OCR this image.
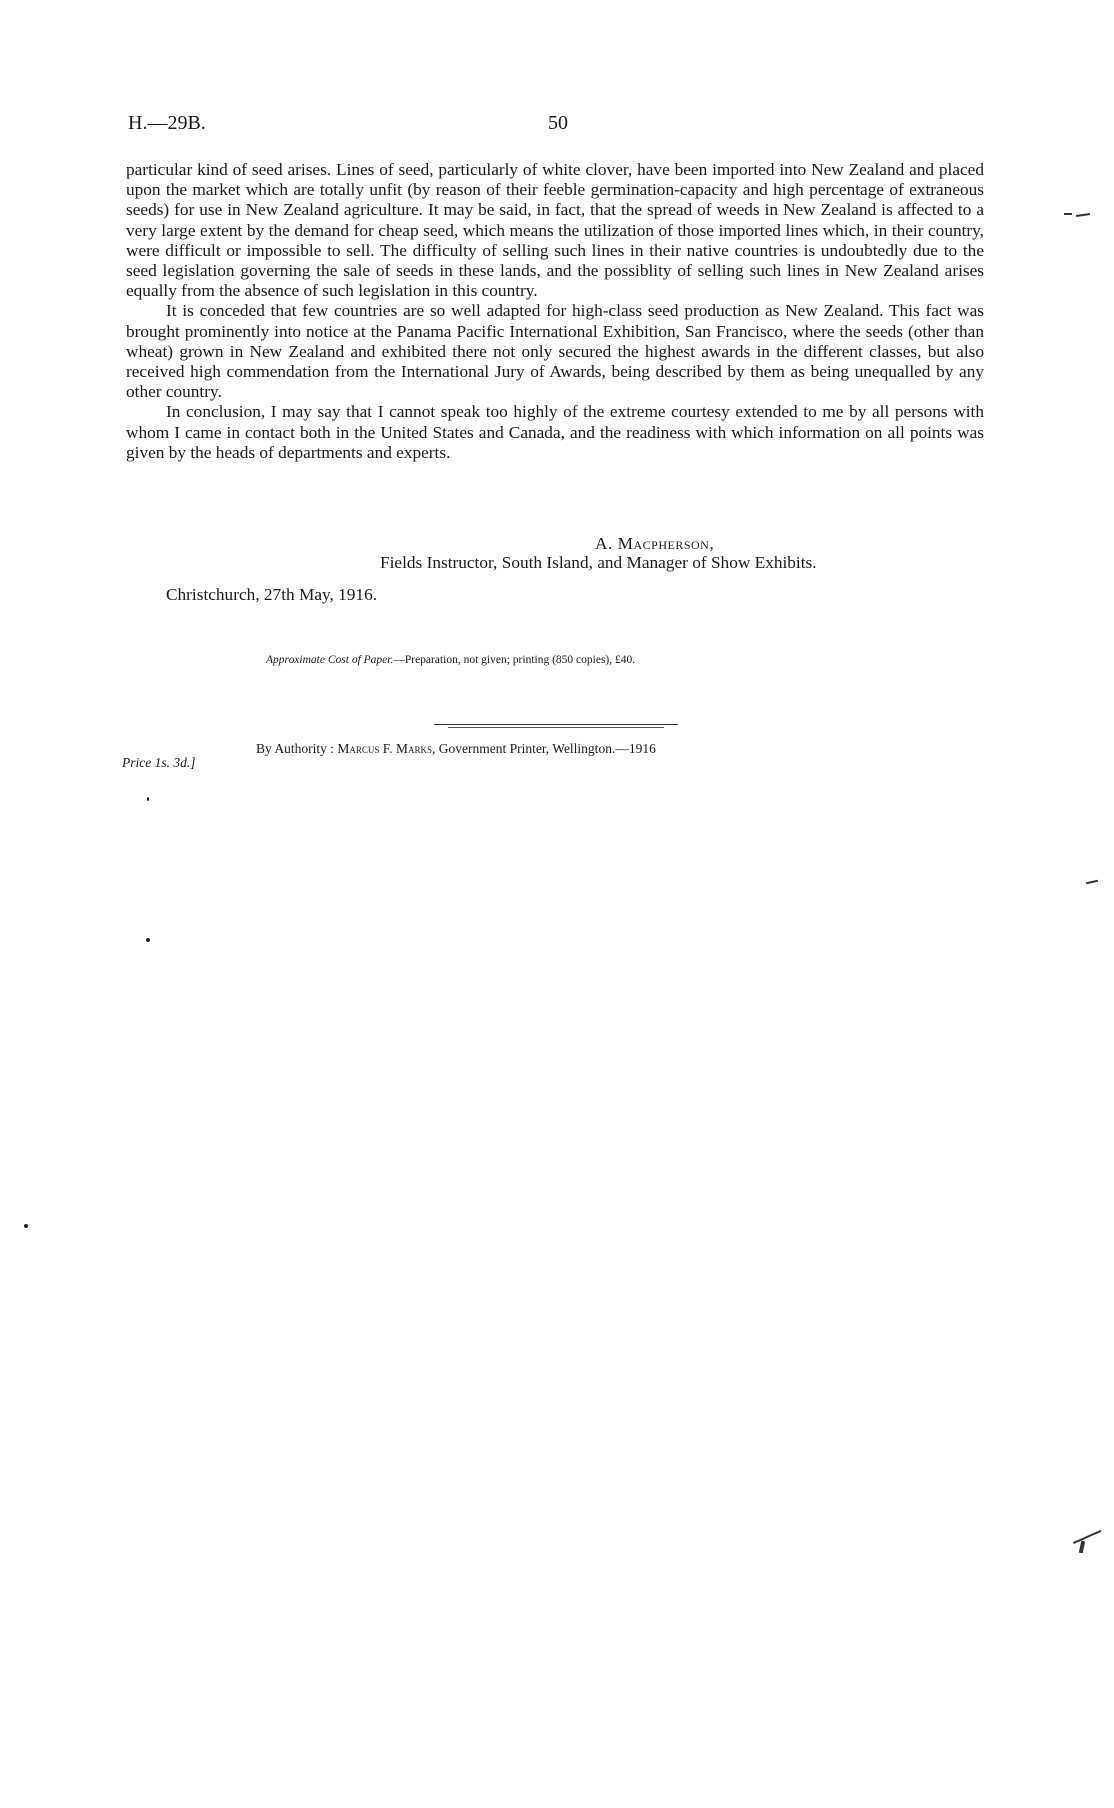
H.—29B.	50

particular kind of seed arises. Lines of seed, particularly of white clover, have been imported into New Zealand and placed upon the market which are totally unfit (by reason of their feeble germination-capacity and high percentage of extraneous seeds) for use in New Zealand agriculture. It may be said, in fact, that the spread of weeds in New Zealand is affected to a very large extent by the demand for cheap seed, which means the utilization of those imported lines which, in their country, were difficult or impossible to sell. The difficulty of selling such lines in their native countries is undoubtedly due to the seed legislation governing the sale of seeds in these lands, and the possiblity of selling such lines in New Zealand arises equally from the absence of such legislation in this country.

It is conceded that few countries are so well adapted for high-class seed production as New Zealand. This fact was brought prominently into notice at the Panama Pacific International Exhibition, San Francisco, where the seeds (other than wheat) grown in New Zealand and exhibited there not only secured the highest awards in the different classes, but also received high commendation from the International Jury of Awards, being described by them as being unequalled by any other country.

In conclusion, I may say that I cannot speak too highly of the extreme courtesy extended to me by all persons with whom I came in contact both in the United States and Canada, and the readiness with which information on all points was given by the heads of departments and experts.

A. Macpherson,
Fields Instructor, South Island, and Manager of Show Exhibits.
Christchurch, 27th May, 1916.
Approximate Cost of Paper.—Preparation, not given; printing (850 copies), £40.
By Authority : Marcus F. Marks, Government Printer, Wellington.—1916
Price 1s. 3d.]
